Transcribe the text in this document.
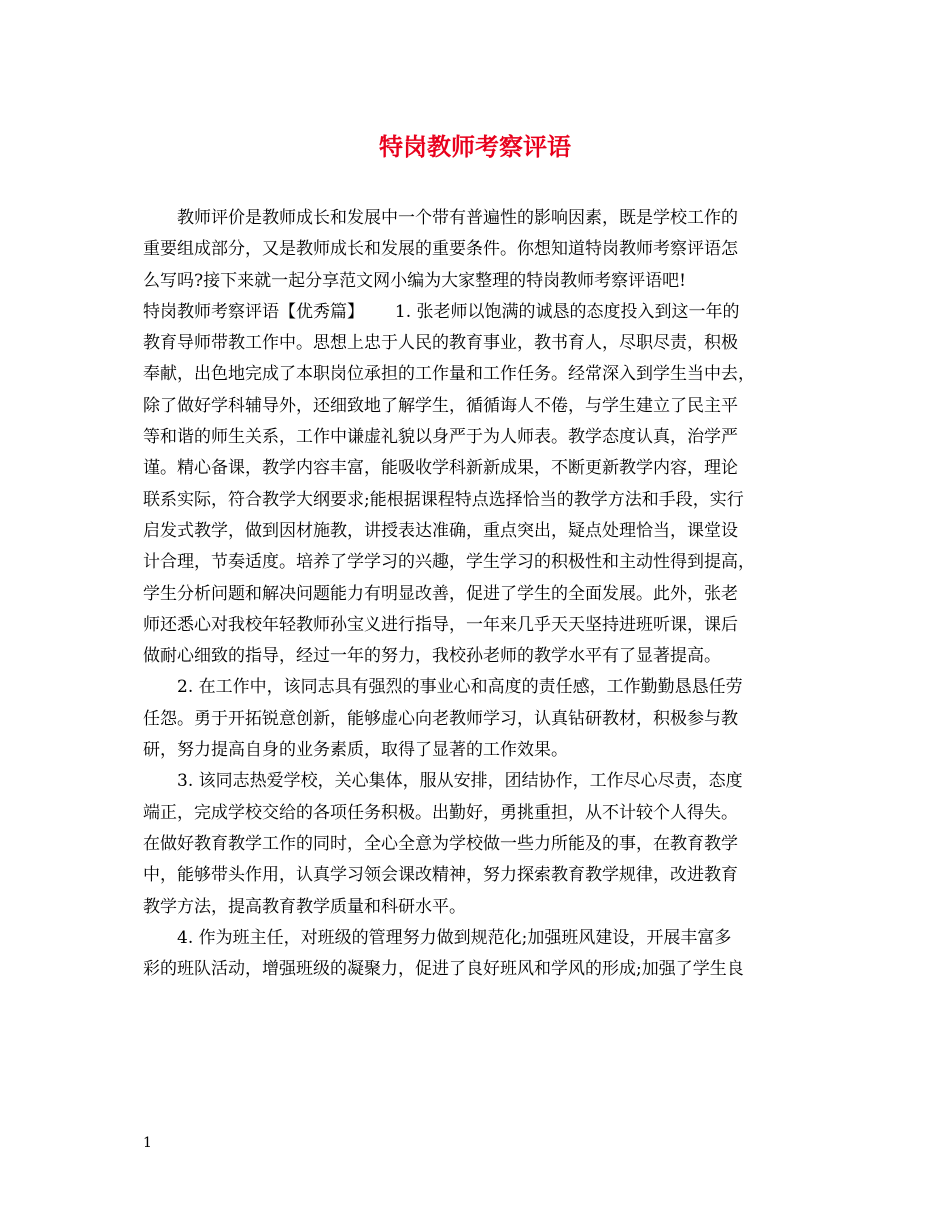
特岗教师考察评语
教师评价是教师成长和发展中一个带有普遍性的影响因素，既是学校工作的
重要组成部分，又是教师成长和发展的重要条件。你想知道特岗教师考察评语怎
么写吗?接下来就一起分享范文网小编为大家整理的特岗教师考察评语吧!
特岗教师考察评语【优秀篇】　　 1. 张老师以饱满的诚恳的态度投入到这一年的
教育导师带教工作中。思想上忠于人民的教育事业，教书育人，尽职尽责，积极
奉献，出色地完成了本职岗位承担的工作量和工作任务。经常深入到学生当中去，
除了做好学科辅导外，还细致地了解学生，循循诲人不倦，与学生建立了民主平
等和谐的师生关系，工作中谦虚礼貌以身严于为人师表。教学态度认真，治学严
谨。精心备课，教学内容丰富，能吸收学科新新成果，不断更新教学内容，理论
联系实际，符合教学大纲要求;能根据课程特点选择恰当的教学方法和手段，实行
启发式教学，做到因材施教，讲授表达准确，重点突出，疑点处理恰当，课堂设
计合理，节奏适度。培养了学学习的兴趣，学生学习的积极性和主动性得到提高，
学生分析问题和解决问题能力有明显改善，促进了学生的全面发展。此外，张老
师还悉心对我校年轻教师孙宝义进行指导，一年来几乎天天坚持进班听课，课后
做耐心细致的指导，经过一年的努力，我校孙老师的教学水平有了显著提高。
2. 在工作中，该同志具有强烈的事业心和高度的责任感，工作勤勤恳恳任劳
任怨。勇于开拓锐意创新，能够虚心向老教师学习，认真钻研教材，积极参与教
研，努力提高自身的业务素质，取得了显著的工作效果。
3. 该同志热爱学校，关心集体，服从安排，团结协作，工作尽心尽责，态度
端正，完成学校交给的各项任务积极。出勤好，勇挑重担，从不计较个人得失。
在做好教育教学工作的同时，全心全意为学校做一些力所能及的事，在教育教学
中，能够带头作用，认真学习领会课改精神，努力探索教育教学规律，改进教育
教学方法，提高教育教学质量和科研水平。
4. 作为班主任，对班级的管理努力做到规范化;加强班风建设，开展丰富多
彩的班队活动，增强班级的凝聚力，促进了良好班风和学风的形成;加强了学生良
1
